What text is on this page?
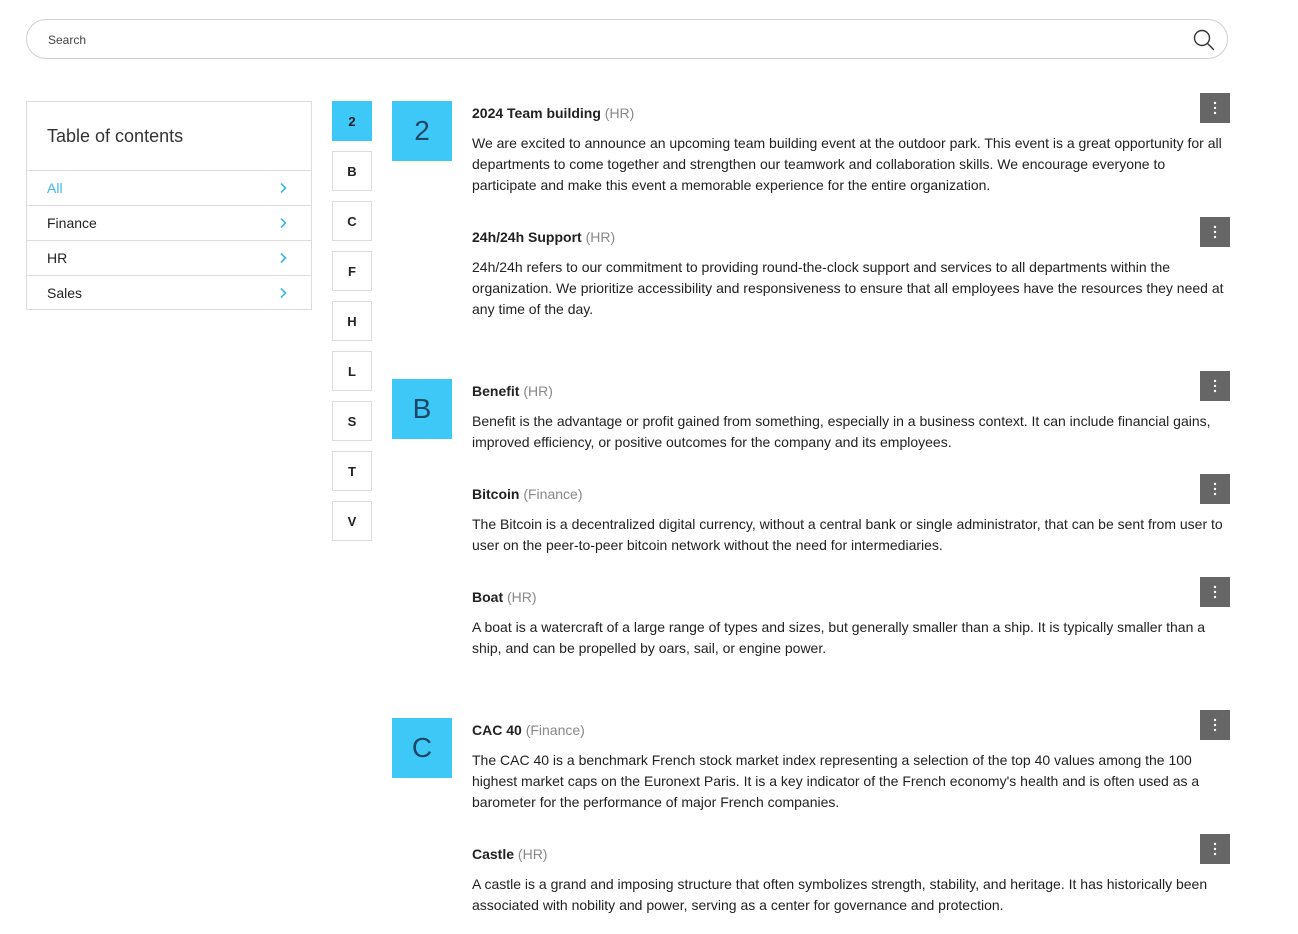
Search
Table of contents
All
Finance
HR
Sales
2
B
C
F
H
L
S
T
V
2
2024 Team building (HR)
We are excited to announce an upcoming team building event at the outdoor park. This event is a great opportunity for all departments to come together and strengthen our teamwork and collaboration skills. We encourage everyone to participate and make this event a memorable experience for the entire organization.
24h/24h Support (HR)
24h/24h refers to our commitment to providing round-the-clock support and services to all departments within the organization. We prioritize accessibility and responsiveness to ensure that all employees have the resources they need at any time of the day.
B
Benefit (HR)
Benefit is the advantage or profit gained from something, especially in a business context. It can include financial gains, improved efficiency, or positive outcomes for the company and its employees.
Bitcoin (Finance)
The Bitcoin is a decentralized digital currency, without a central bank or single administrator, that can be sent from user to user on the peer-to-peer bitcoin network without the need for intermediaries.
Boat (HR)
A boat is a watercraft of a large range of types and sizes, but generally smaller than a ship. It is typically smaller than a ship, and can be propelled by oars, sail, or engine power.
C
CAC 40 (Finance)
The CAC 40 is a benchmark French stock market index representing a selection of the top 40 values among the 100 highest market caps on the Euronext Paris. It is a key indicator of the French economy's health and is often used as a barometer for the performance of major French companies.
Castle (HR)
A castle is a grand and imposing structure that often symbolizes strength, stability, and heritage. It has historically been associated with nobility and power, serving as a center for governance and protection.
